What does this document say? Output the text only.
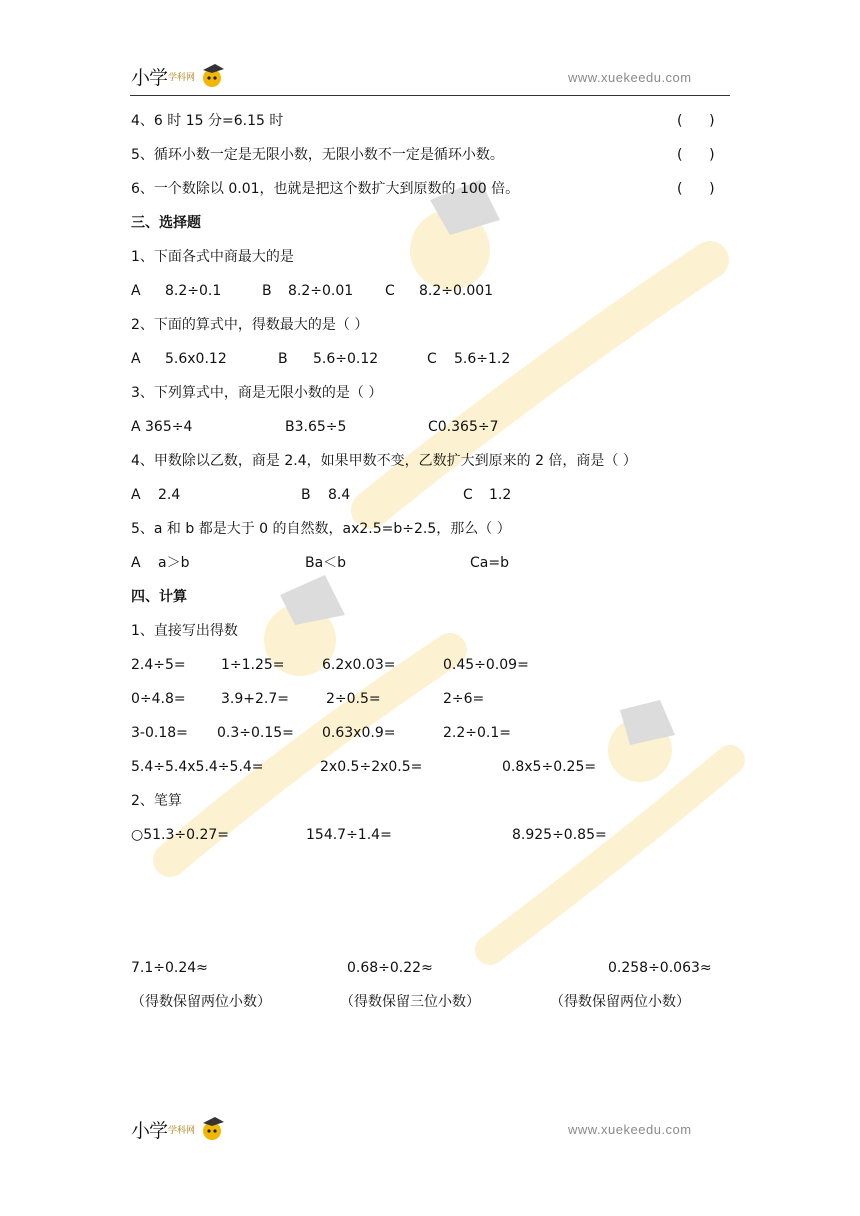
小学 学科网	www.xuekeedu.com
4、6 时 15 分=6.15 时	(      )
5、循环小数一定是无限小数，无限小数不一定是循环小数。	(      )
6、一个数除以 0.01，也就是把这个数扩大到原数的 100 倍。	(      )
三、选择题
1、下面各式中商最大的是
A 8.2÷0.1	B 8.2÷0.01 C 8.2÷0.001
2、下面的算式中，得数最大的是（ ）
A 5.6x0.12	B 5.6÷0.12	C 5.6÷1.2
3、下列算式中，商是无限小数的是（ ）
A 365÷4	B3.65÷5	C0.365÷7
4、甲数除以乙数，商是 2.4，如果甲数不变，乙数扩大到原来的 2 倍，商是（ ）
A 2.4	B 8.4	C 1.2
5、a 和 b 都是大于 0 的自然数，ax2.5=b÷2.5，那么（ ）
A a＞b	Ba＜b	Ca=b
四、计算
1、直接写出得数
2.4÷5=	1÷1.25=	6.2x0.03=	0.45÷0.09=
0÷4.8=	3.9+2.7=	2÷0.5=	2÷6=
3-0.18= 0.3÷0.15= 0.63x0.9=	2.2÷0.1=
5.4÷5.4x5.4÷5.4=	2x0.5÷2x0.5=	0.8x5÷0.25=
2、笔算
○51.3÷0.27=	154.7÷1.4=	8.925÷0.85=
7.1÷0.24≈	0.68÷0.22≈	0.258÷0.063≈
（得数保留两位小数）	（得数保留三位小数）	（得数保留两位小数）
小学 学科网	www.xuekeedu.com
